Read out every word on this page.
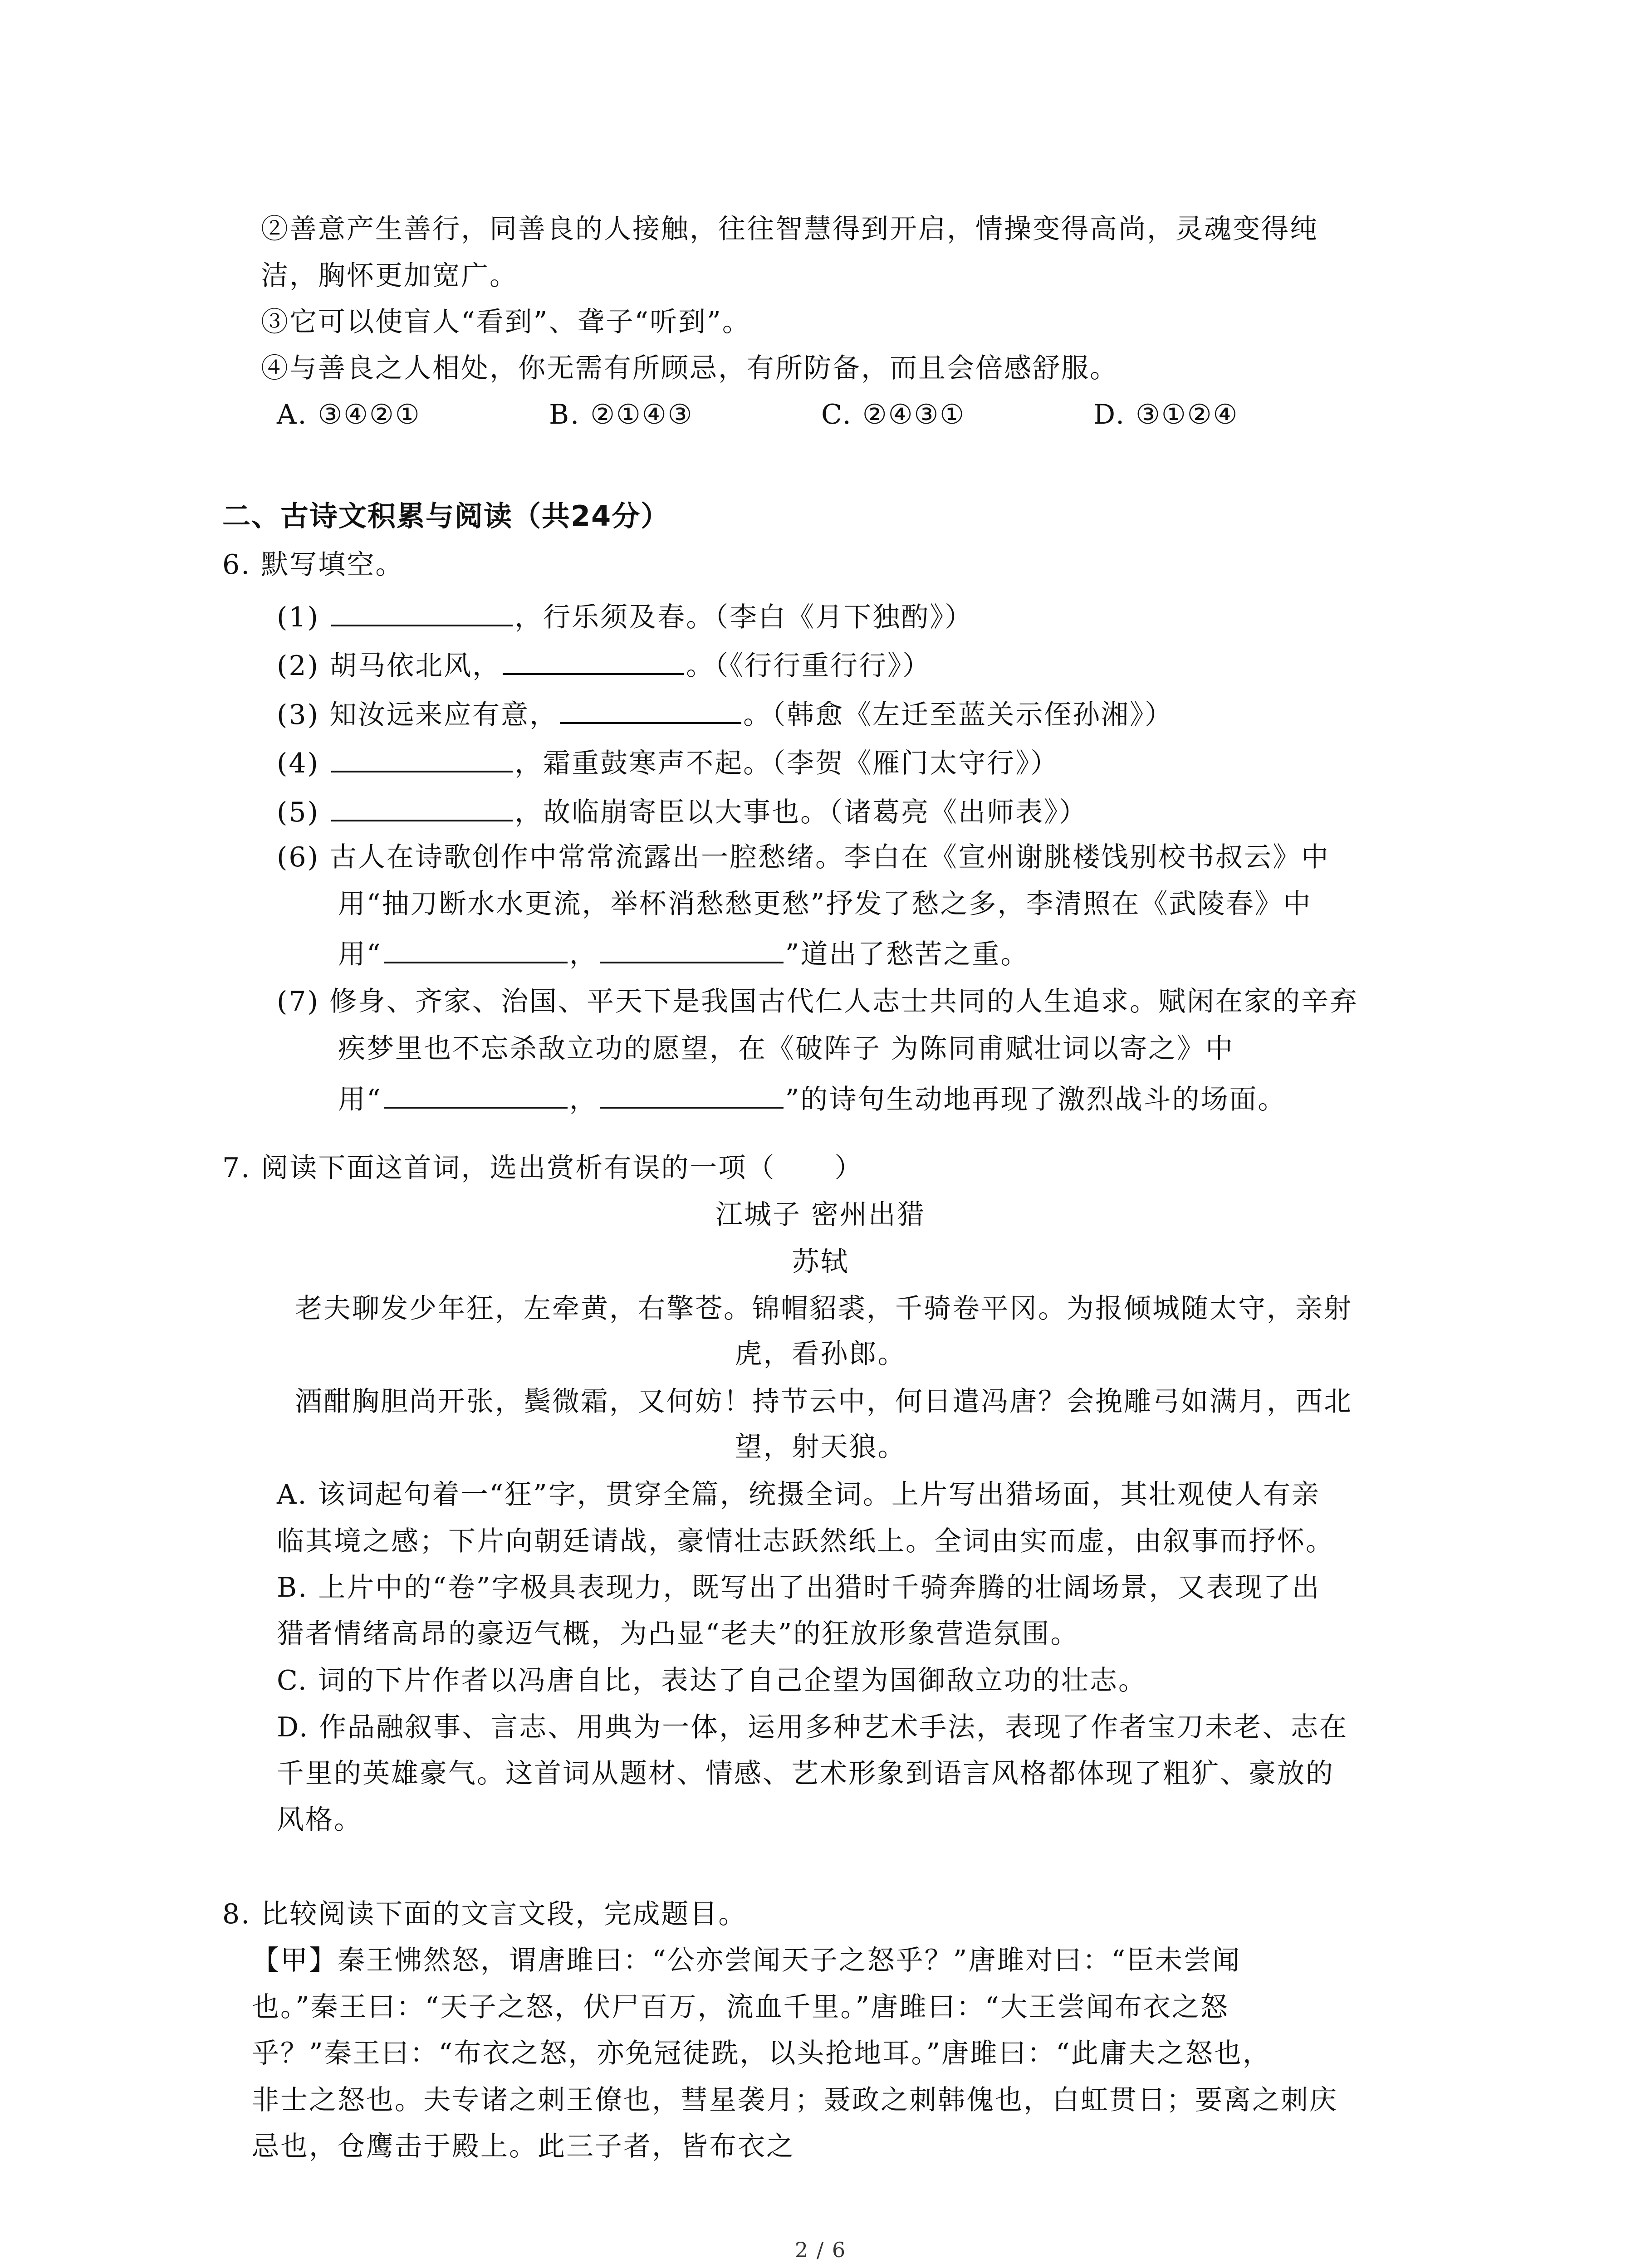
②善意产生善行，同善良的人接触，往往智慧得到开启，情操变得高尚，灵魂变得纯
洁，胸怀更加宽广。
③它可以使盲人“看到”、聋子“听到”。
④与善良之人相处，你无需有所顾忌，有所防备，而且会倍感舒服。
A. ③④②①	B. ②①④③	C. ②④③①	D. ③①②④
二、古诗文积累与阅读（共24分）
6. 默写填空。
(1)	，行乐须及春。（李白《月下独酌》）
(2) 胡马依北风，	。（《行行重行行》）
(3) 知汝远来应有意，	。（韩愈《左迁至蓝关示侄孙湘》）
(4)	，霜重鼓寒声不起。（李贺《雁门太守行》）
(5)	，故临崩寄臣以大事也。（诸葛亮《出师表》）
(6) 古人在诗歌创作中常常流露出一腔愁绪。李白在《宣州谢朓楼饯别校书叔云》中
用“抽刀断水水更流，举杯消愁愁更愁”抒发了愁之多，李清照在《武陵春》中
用“	，	”道出了愁苦之重。
(7) 修身、齐家、治国、平天下是我国古代仁人志士共同的人生追求。赋闲在家的辛弃
疾梦里也不忘杀敌立功的愿望，在《破阵子 为陈同甫赋壮词以寄之》中
用“	，	”的诗句生动地再现了激烈战斗的场面。
7. 阅读下面这首词，选出赏析有误的一项（ ）
江城子 密州出猎
苏轼
老夫聊发少年狂，左牵黄，右擎苍。锦帽貂裘，千骑卷平冈。为报倾城随太守，亲射
虎，看孙郎。
酒酣胸胆尚开张，鬓微霜，又何妨！持节云中，何日遣冯唐？会挽雕弓如满月，西北
望，射天狼。
A. 该词起句着一“狂”字，贯穿全篇，统摄全词。上片写出猎场面，其壮观使人有亲
临其境之感；下片向朝廷请战，豪情壮志跃然纸上。全词由实而虚，由叙事而抒怀。
B. 上片中的“卷”字极具表现力，既写出了出猎时千骑奔腾的壮阔场景，又表现了出
猎者情绪高昂的豪迈气概，为凸显“老夫”的狂放形象营造氛围。
C. 词的下片作者以冯唐自比，表达了自己企望为国御敌立功的壮志。
D. 作品融叙事、言志、用典为一体，运用多种艺术手法，表现了作者宝刀未老、志在
千里的英雄豪气。这首词从题材、情感、艺术形象到语言风格都体现了粗犷、豪放的
风格。
8. 比较阅读下面的文言文段，完成题目。
【甲】秦王怫然怒，谓唐雎曰：“公亦尝闻天子之怒乎？”唐雎对曰：“臣未尝闻
也。”秦王曰：“天子之怒，伏尸百万，流血千里。”唐雎曰：“大王尝闻布衣之怒
乎？”秦王曰：“布衣之怒，亦免冠徒跣，以头抢地耳。”唐雎曰：“此庸夫之怒也，
非士之怒也。夫专诸之刺王僚也，彗星袭月；聂政之刺韩傀也，白虹贯日；要离之刺庆
忌也，仓鹰击于殿上。此三子者，皆布衣之
2 / 6
